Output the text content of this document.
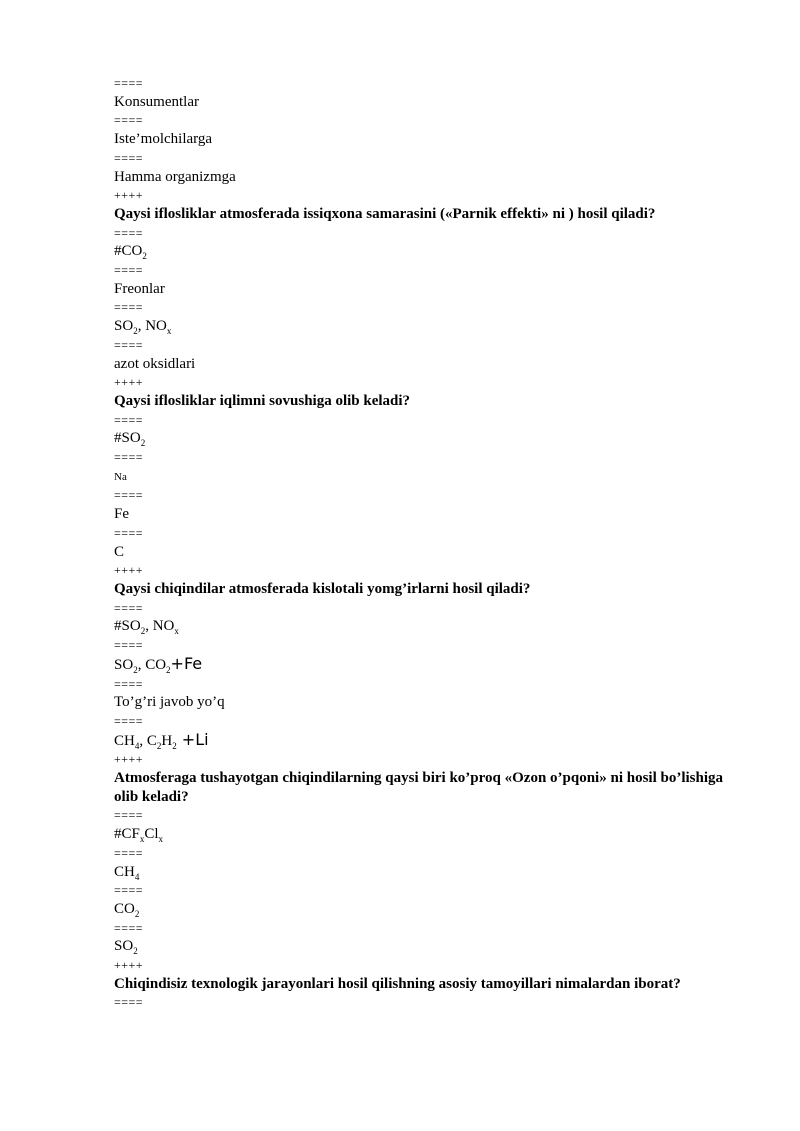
====
Konsumentlar
====
Iste’molchilarga
====
Hamma organizmga
++++
Qaysi ifloslіklar atmosferada issiqxona samarasini («Parnik effekti» ni ) hosil qiladi?
====
$\#CO_2$
====
Freonlar
====
$SO_2$, $NO_x$
====
azot oksidlari
++++
Qaysi ifloslіklar iqlimni sovushiga olib keladi?
====
$\#SO_2$
====
Na
====
Fe
====
C
++++
Qaysi chiqindilar atmosferada kislotali yomg’irlarni hosil qiladi?
====
$\#SO_2$, $NO_x$
====
$SO_2$, $CO_2+Fe$
====
To’g’ri javob yo’q
====
$CH_4$, $C_2H_2 +Li$
++++
Atmosferaga tushayotgan chiqindilarning qaysi biri ko’proq «Ozon o’pqoni» ni hosil bo’lishiga olib keladi?
====
$\#CF_xCl_x$
====
$CH_4$
====
$CO_2$
====
$SO_2$
++++
Chiqindisiz texnologik jarayonlari hosil qilishning asosiy tamoyillari nimalardan iborat?
====
